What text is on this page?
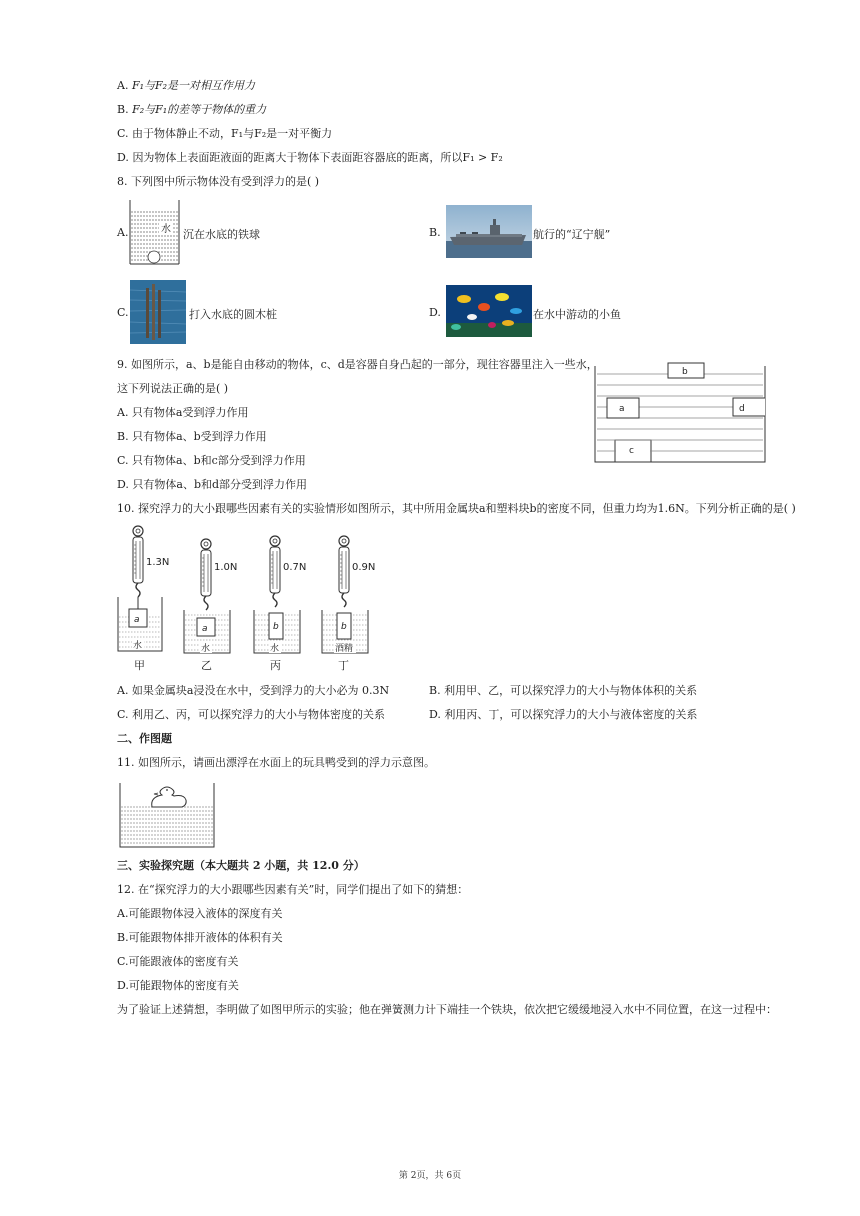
A. F₁与F₂是一对相互作用力
B. F₂与F₁的差等于物体的重力
C. 由于物体静止不动，F₁与F₂是一对平衡力
D. 因为物体上表面距液面的距离大于物体下表面距容器底的距离，所以F₁ > F₂
8. 下列图中所示物体没有受到浮力的是( )
A.	水 沉在水底的铁球	B.	航行的“辽宁舰”
C.	打入水底的圆木桩	D.	在水中游动的小鱼
9. 如图所示，a、b是能自由移动的物体，c、d是容器自身凸起的一部分，现往容器里注入一些水，
这下列说法正确的是( )
A. 只有物体a受到浮力作用
B. 只有物体a、b受到浮力作用
C. 只有物体a、b和c部分受到浮力作用
D. 只有物体a、b和d部分受到浮力作用
b
a	d
c
10. 探究浮力的大小跟哪些因素有关的实验情形如图所示，其中所用金属块a和塑料块b的密度不同，但重力均为1.6N。下列分析正确的是( )
1.3N	1.0N	0.7N	0.9N
a
a	b	b
水	水	水	酒精
甲	乙	丙	丁
A. 如果金属块a浸没在水中，受到浮力的大小必为 0.3N	B. 利用甲、乙，可以探究浮力的大小与物体体积的关系
C. 利用乙、丙，可以探究浮力的大小与物体密度的关系	D. 利用丙、丁，可以探究浮力的大小与液体密度的关系
二、作图题
11. 如图所示，请画出漂浮在水面上的玩具鸭受到的浮力示意图。
三、实验探究题（本大题共 2 小题，共 12.0 分）
12. 在“探究浮力的大小跟哪些因素有关”时，同学们提出了如下的猜想：
A.可能跟物体浸入液体的深度有关
B.可能跟物体排开液体的体积有关
C.可能跟液体的密度有关
D.可能跟物体的密度有关
为了验证上述猜想，李明做了如图甲所示的实验；他在弹簧测力计下端挂一个铁块，依次把它缓缓地浸入水中不同位置，在这一过程中：
第 2页，共 6页
